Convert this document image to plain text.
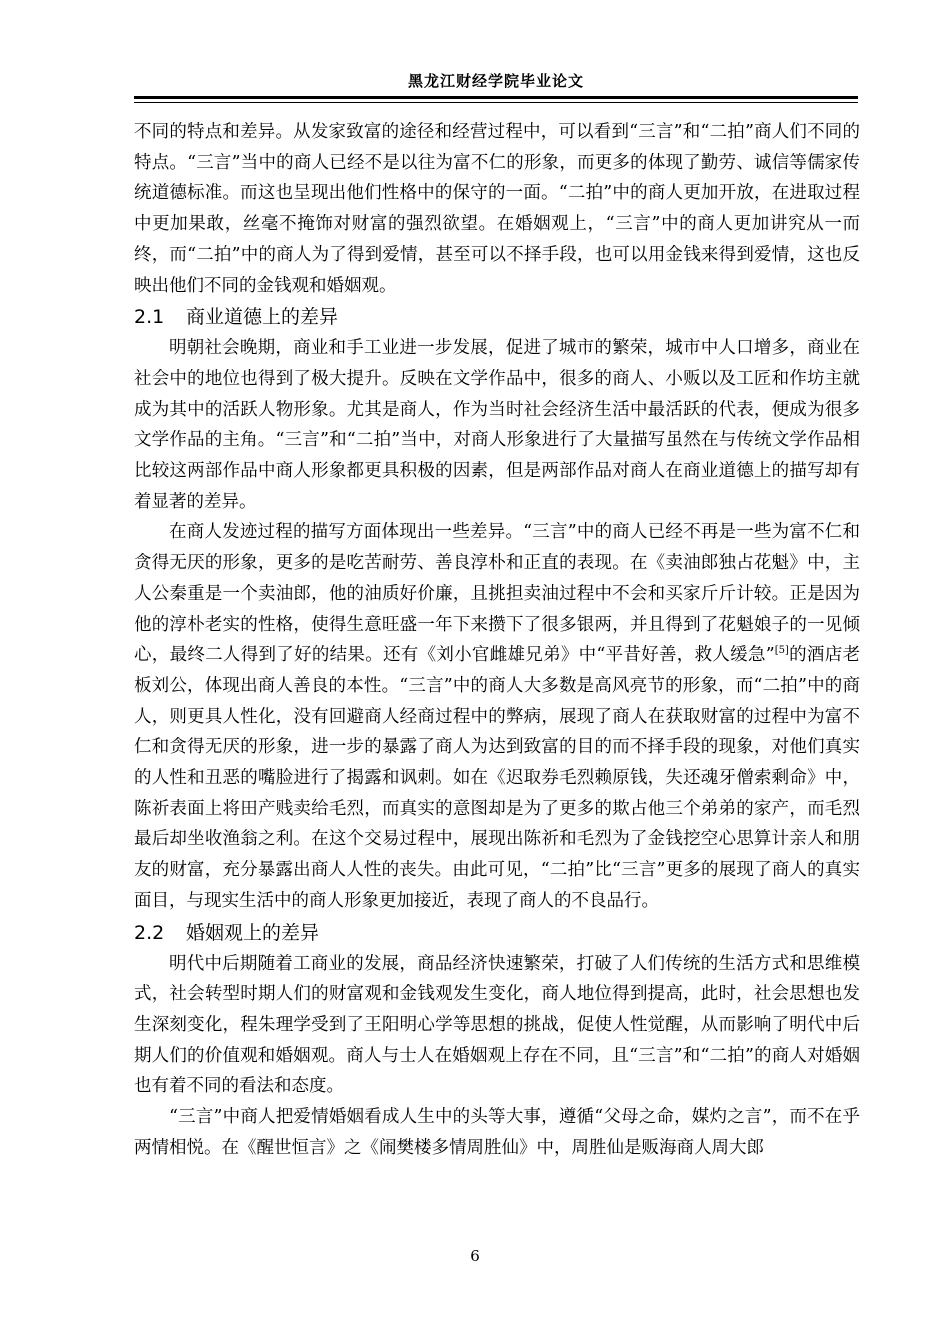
黑龙江财经学院毕业论文

不同的特点和差异。从发家致富的途径和经营过程中，可以看到“三言”和“二拍”商人们不同的特点。“三言”当中的商人已经不是以往为富不仁的形象，而更多的体现了勤劳、诚信等儒家传统道德标准。而这也呈现出他们性格中的保守的一面。“二拍”中的商人更加开放，在进取过程中更加果敢，丝毫不掩饰对财富的强烈欲望。在婚姻观上，“三言”中的商人更加讲究从一而终，而“二拍”中的商人为了得到爱情，甚至可以不择手段，也可以用金钱来得到爱情，这也反映出他们不同的金钱观和婚姻观。

2.1 商业道德上的差异

明朝社会晚期，商业和手工业进一步发展，促进了城市的繁荣，城市中人口增多，商业在社会中的地位也得到了极大提升。反映在文学作品中，很多的商人、小贩以及工匠和作坊主就成为其中的活跃人物形象。尤其是商人，作为当时社会经济生活中最活跃的代表，便成为很多文学作品的主角。“三言”和“二拍”当中，对商人形象进行了大量描写虽然在与传统文学作品相比较这两部作品中商人形象都更具积极的因素，但是两部作品对商人在商业道德上的描写却有着显著的差异。

在商人发迹过程的描写方面体现出一些差异。“三言”中的商人已经不再是一些为富不仁和贪得无厌的形象，更多的是吃苦耐劳、善良淳朴和正直的表现。在《卖油郎独占花魁》中，主人公秦重是一个卖油郎，他的油质好价廉，且挑担卖油过程中不会和买家斤斤计较。正是因为他的淳朴老实的性格，使得生意旺盛一年下来攒下了很多银两，并且得到了花魁娘子的一见倾心，最终二人得到了好的结果。还有《刘小官雌雄兄弟》中“平昔好善，救人缓急”[5]的酒店老板刘公，体现出商人善良的本性。“三言”中的商人大多数是高风亮节的形象，而“二拍”中的商人，则更具人性化，没有回避商人经商过程中的弊病，展现了商人在获取财富的过程中为富不仁和贪得无厌的形象，进一步的暴露了商人为达到致富的目的而不择手段的现象，对他们真实的人性和丑恶的嘴脸进行了揭露和讽刺。如在《迟取券毛烈赖原钱，失还魂牙僧索剩命》中，陈祈表面上将田产贱卖给毛烈，而真实的意图却是为了更多的欺占他三个弟弟的家产，而毛烈最后却坐收渔翁之利。在这个交易过程中，展现出陈祈和毛烈为了金钱挖空心思算计亲人和朋友的财富，充分暴露出商人人性的丧失。由此可见，“二拍”比“三言”更多的展现了商人的真实面目，与现实生活中的商人形象更加接近，表现了商人的不良品行。

2.2 婚姻观上的差异

明代中后期随着工商业的发展，商品经济快速繁荣，打破了人们传统的生活方式和思维模式，社会转型时期人们的财富观和金钱观发生变化，商人地位得到提高，此时，社会思想也发生深刻变化，程朱理学受到了王阳明心学等思想的挑战，促使人性觉醒，从而影响了明代中后期人们的价值观和婚姻观。商人与士人在婚姻观上存在不同，且“三言”和“二拍”的商人对婚姻也有着不同的看法和态度。

“三言”中商人把爱情婚姻看成人生中的头等大事，遵循“父母之命，媒灼之言”，而不在乎两情相悦。在《醒世恒言》之《闹樊楼多情周胜仙》中，周胜仙是贩海商人周大郎

6
